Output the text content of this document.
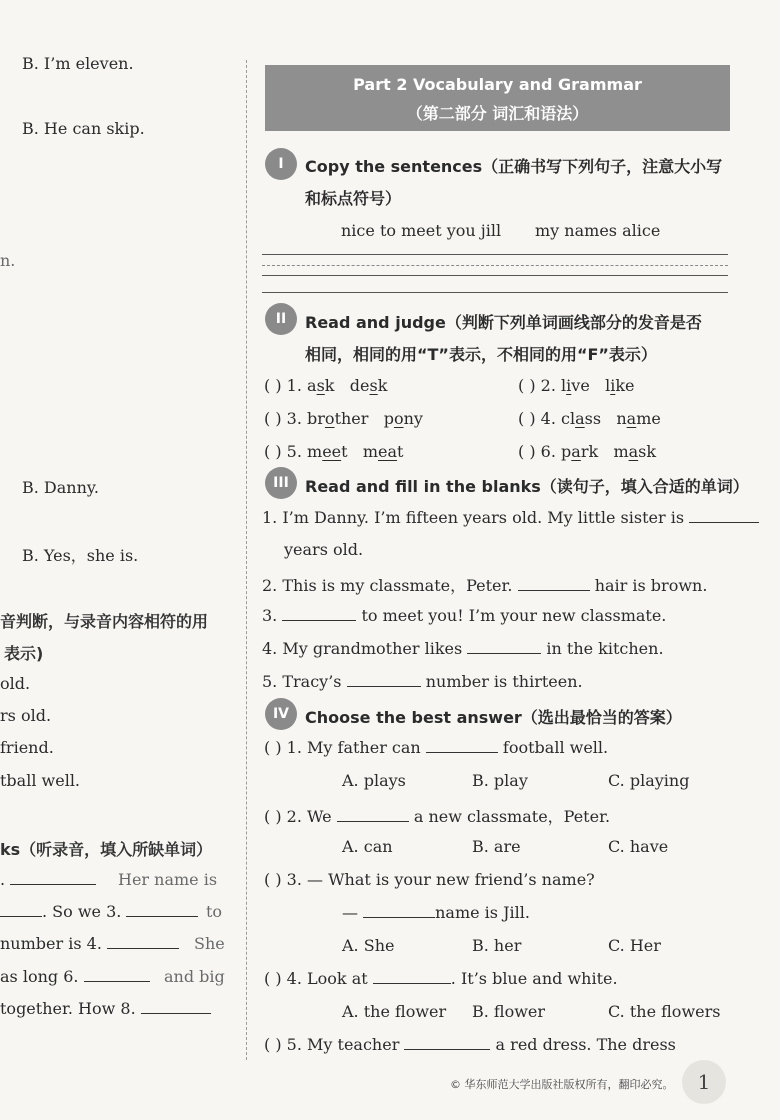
B. I’m eleven.
B. He can skip.
n.
B. Danny.
B. Yes，she is.
音判断，与录音内容相符的用
表示)
old.
rs old.
friend.
tball well.
ks（听录音，填入所缺单词）
.	Her name is
. So we 3.	to
number is 4.	She
as long 6.	and big
together. How 8.
Part 2 Vocabulary and Grammar
（第二部分 词汇和语法）
I	Copy the sentences（正确书写下列句子，注意大小写
和标点符号）
nice to meet you jill my names alice
II	Read and judge（判断下列单词画线部分的发音是否
相同，相同的用“T”表示，不相同的用“F”表示）
( ) 1. ask desk	( ) 2. live like
( ) 3. brother pony	( ) 4. class name
( ) 5. meet meat	( ) 6. park mask
III	Read and fill in the blanks（读句子，填入合适的单词）
1. I’m Danny. I’m fifteen years old. My little sister is
years old.
2. This is my classmate，Peter.	hair is brown.
3.	to meet you! I’m your new classmate.
4. My grandmother likes	in the kitchen.
5. Tracy’s	number is thirteen.
IV Choose the best answer（选出最恰当的答案）
( ) 1. My father can	football well.
A. plays	B. play	C. playing
( ) 2. We	a new classmate，Peter.
A. can	B. are	C. have
( ) 3. — What is your new friend’s name?
—	name is Jill.
A. She	B. her	C. Her
( ) 4. Look at	. It’s blue and white.
A. the flower B. flower	C. the flowers
( ) 5. My teacher	a red dress. The dress
© 华东师范大学出版社版权所有，翻印必究。	1
